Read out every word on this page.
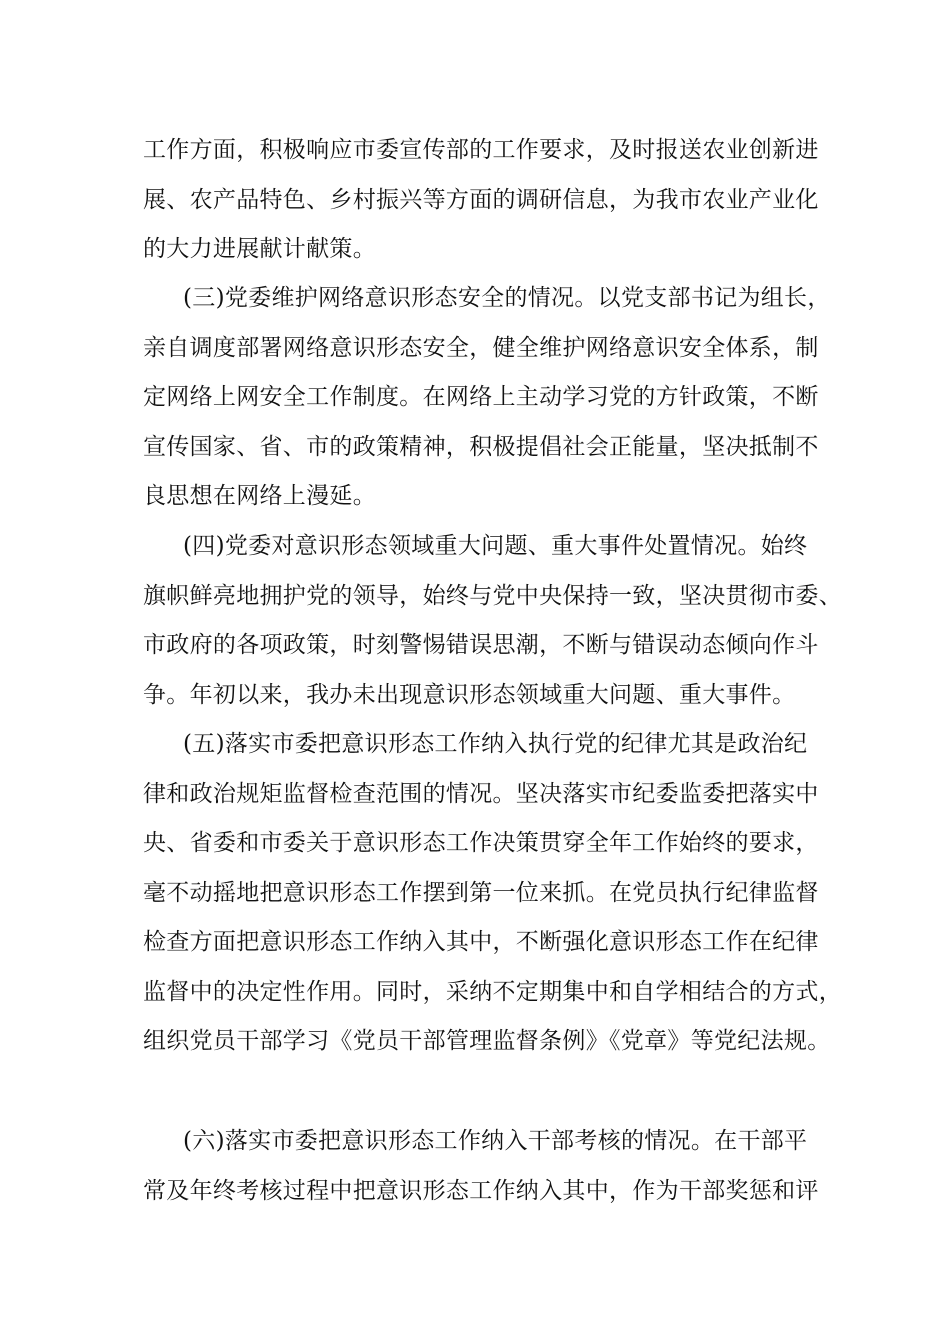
工作方面，积极响应市委宣传部的工作要求，及时报送农业创新进
展、农产品特色、乡村振兴等方面的调研信息，为我市农业产业化
的大力进展献计献策。
(三)党委维护网络意识形态安全的情况。以党支部书记为组长，
亲自调度部署网络意识形态安全，健全维护网络意识安全体系，制
定网络上网安全工作制度。在网络上主动学习党的方针政策，不断
宣传国家、省、市的政策精神，积极提倡社会正能量，坚决抵制不
良思想在网络上漫延。
(四)党委对意识形态领域重大问题、重大事件处置情况。始终
旗帜鲜亮地拥护党的领导，始终与党中央保持一致，坚决贯彻市委、
市政府的各项政策，时刻警惕错误思潮，不断与错误动态倾向作斗
争。年初以来，我办未出现意识形态领域重大问题、重大事件。
(五)落实市委把意识形态工作纳入执行党的纪律尤其是政治纪
律和政治规矩监督检查范围的情况。坚决落实市纪委监委把落实中
央、省委和市委关于意识形态工作决策贯穿全年工作始终的要求，
毫不动摇地把意识形态工作摆到第一位来抓。在党员执行纪律监督
检查方面把意识形态工作纳入其中，不断强化意识形态工作在纪律
监督中的决定性作用。同时，采纳不定期集中和自学相结合的方式，
组织党员干部学习《党员干部管理监督条例》《党章》等党纪法规。
(六)落实市委把意识形态工作纳入干部考核的情况。在干部平
常及年终考核过程中把意识形态工作纳入其中，作为干部奖惩和评
